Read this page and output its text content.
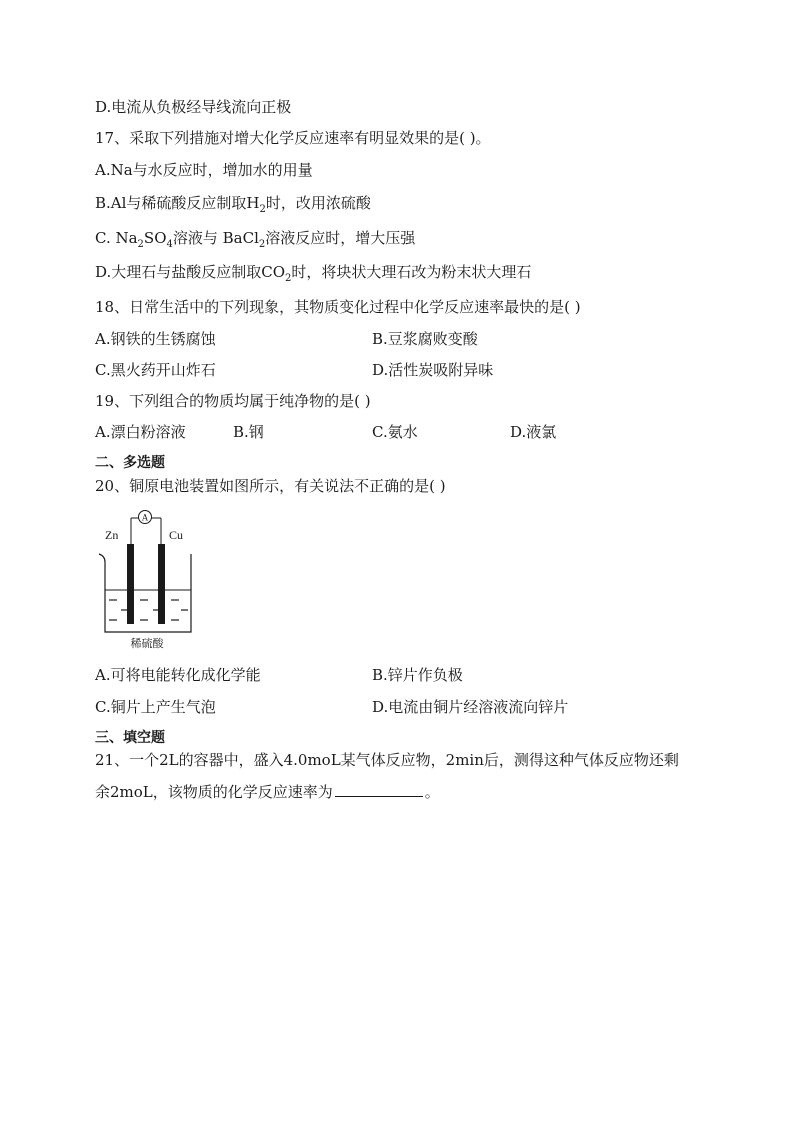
D.电流从负极经导线流向正极
17、采取下列措施对增大化学反应速率有明显效果的是( )。
A.Na与水反应时，增加水的用量
B.Al与稀硫酸反应制取$H_2$时，改用浓硫酸
C. $Na_2SO_4$溶液与 BaCl$_2$溶液反应时，增大压强
D.大理石与盐酸反应制取$CO_2$时，将块状大理石改为粉末状大理石
18、日常生活中的下列现象，其物质变化过程中化学反应速率最快的是( )
A.钢铁的生锈腐蚀	B.豆浆腐败变酸
C.黑火药开山炸石	D.活性炭吸附异味
19、下列组合的物质均属于纯净物的是( )
A.漂白粉溶液	B.钢	C.氨水	D.液氯
二、多选题
20、铜原电池装置如图所示，有关说法不正确的是( )
A
Zn	Cu
稀硫酸
A.可将电能转化成化学能	B.锌片作负极
C.铜片上产生气泡	D.电流由铜片经溶液流向锌片
三、填空题
21、一个2L的容器中，盛入4.0moL某气体反应物，2min后，测得这种气体反应物还剩
余2moL，该物质的化学反应速率为	。
